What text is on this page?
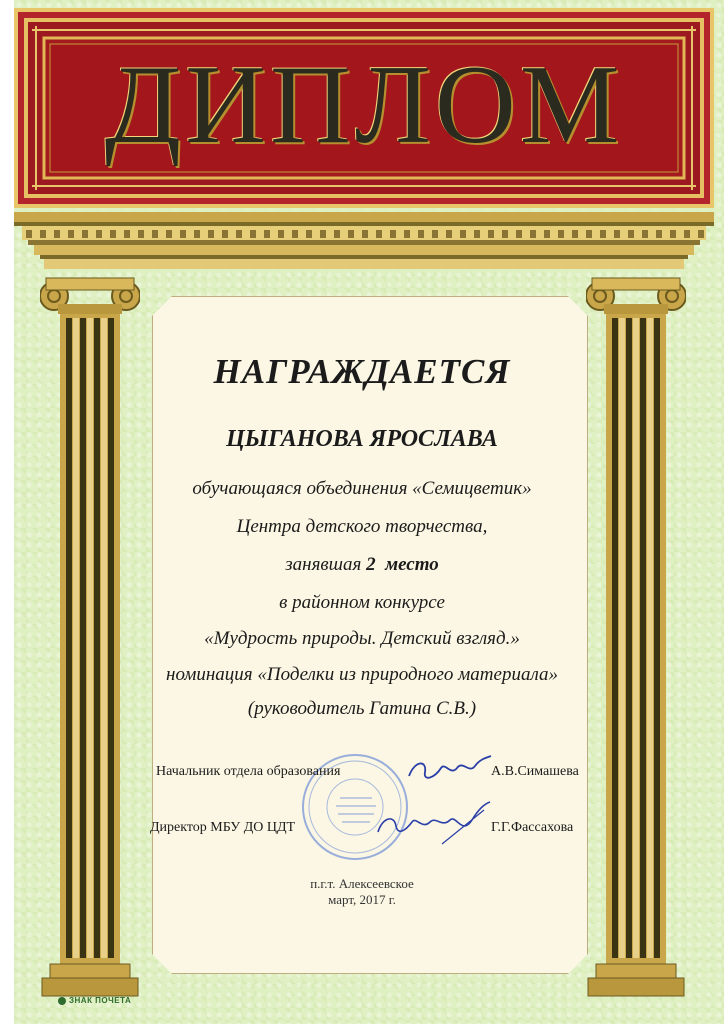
ДИПЛОМ
НАГРАЖДАЕТСЯ
ЦЫГАНОВА ЯРОСЛАВА
обучающаяся объединения «Семицветик»
Центра детского творчества,
занявшая 2 место
в районном конкурсе
«Мудрость природы. Детский взгляд.»
номинация «Поделки из природного материала»
(руководитель Гатина С.В.)
Начальник отдела образования	А.В.Симашева
Директор МБУ ДО ЦДТ	Г.Г.Фассахова
п.г.т. Алексеевское
март, 2017 г.
ЗНАК ПОЧЕТА
